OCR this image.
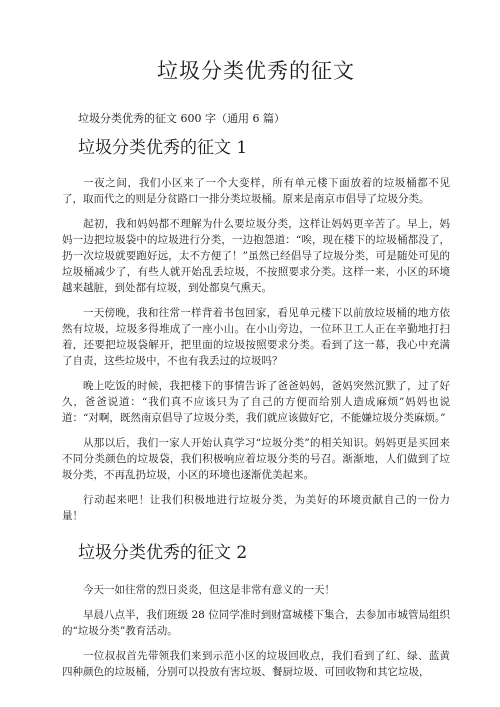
垃圾分类优秀的征文

垃圾分类优秀的征文 600 字（通用 6 篇）

垃圾分类优秀的征文 1

一夜之间，我们小区来了一个大变样，所有单元楼下面放着的垃圾桶都不见了，取而代之的则是分贫路口一排分类垃圾桶。原来是南京市倡导了垃圾分类。

起初，我和妈妈都不理解为什么要垃圾分类，这样让妈妈更辛苦了。早上，妈妈一边把垃圾袋中的垃圾进行分类，一边抱怨道：“唉，现在楼下的垃圾桶都没了，扔一次垃圾就要跑好远，太不方便了！”虽然已经倡导了垃圾分类，可是随处可见的垃圾桶减少了，有些人就开始乱丢垃圾，不按照要求分类。这样一来，小区的环境越来越脏，到处都有垃圾，到处都臭气熏天。

一天傍晚，我和往常一样背着书包回家，看见单元楼下以前放垃圾桶的地方依然有垃圾，垃圾多得堆成了一座小山。在小山旁边，一位环卫工人正在辛勤地打扫着，还要把垃圾袋解开，把里面的垃圾按照要求分类。看到了这一幕，我心中充满了自责，这些垃圾中，不也有我丢过的垃圾吗？

晚上吃饭的时候，我把楼下的事情告诉了爸爸妈妈，爸妈突然沉默了，过了好久，爸爸说道：“我们真不应该只为了自己的方便而给别人造成麻烦”妈妈也说道：“对啊，既然南京倡导了垃圾分类，我们就应该做好它，不能嫌垃圾分类麻烦。”

从那以后，我们一家人开始认真学习“垃圾分类”的相关知识。妈妈更是买回来不同分类颜色的垃圾袋，我们积极响应着垃圾分类的号召。渐渐地，人们做到了垃圾分类，不再乱扔垃圾，小区的环境也逐渐优美起来。

行动起来吧！让我们积极地进行垃圾分类，为美好的环境贡献自己的一份力量！

垃圾分类优秀的征文 2

今天一如往常的烈日炎炎，但这是非常有意义的一天！

早晨八点半，我们班级 28 位同学准时到财富城楼下集合，去参加市城管局组织的“垃圾分类”教育活动。

一位叔叔首先带领我们来到示范小区的垃圾回收点，我们看到了红、绿、蓝黄四种颜色的垃圾桶，分别可以投放有害垃圾、餐厨垃圾、可回收物和其它垃圾，
